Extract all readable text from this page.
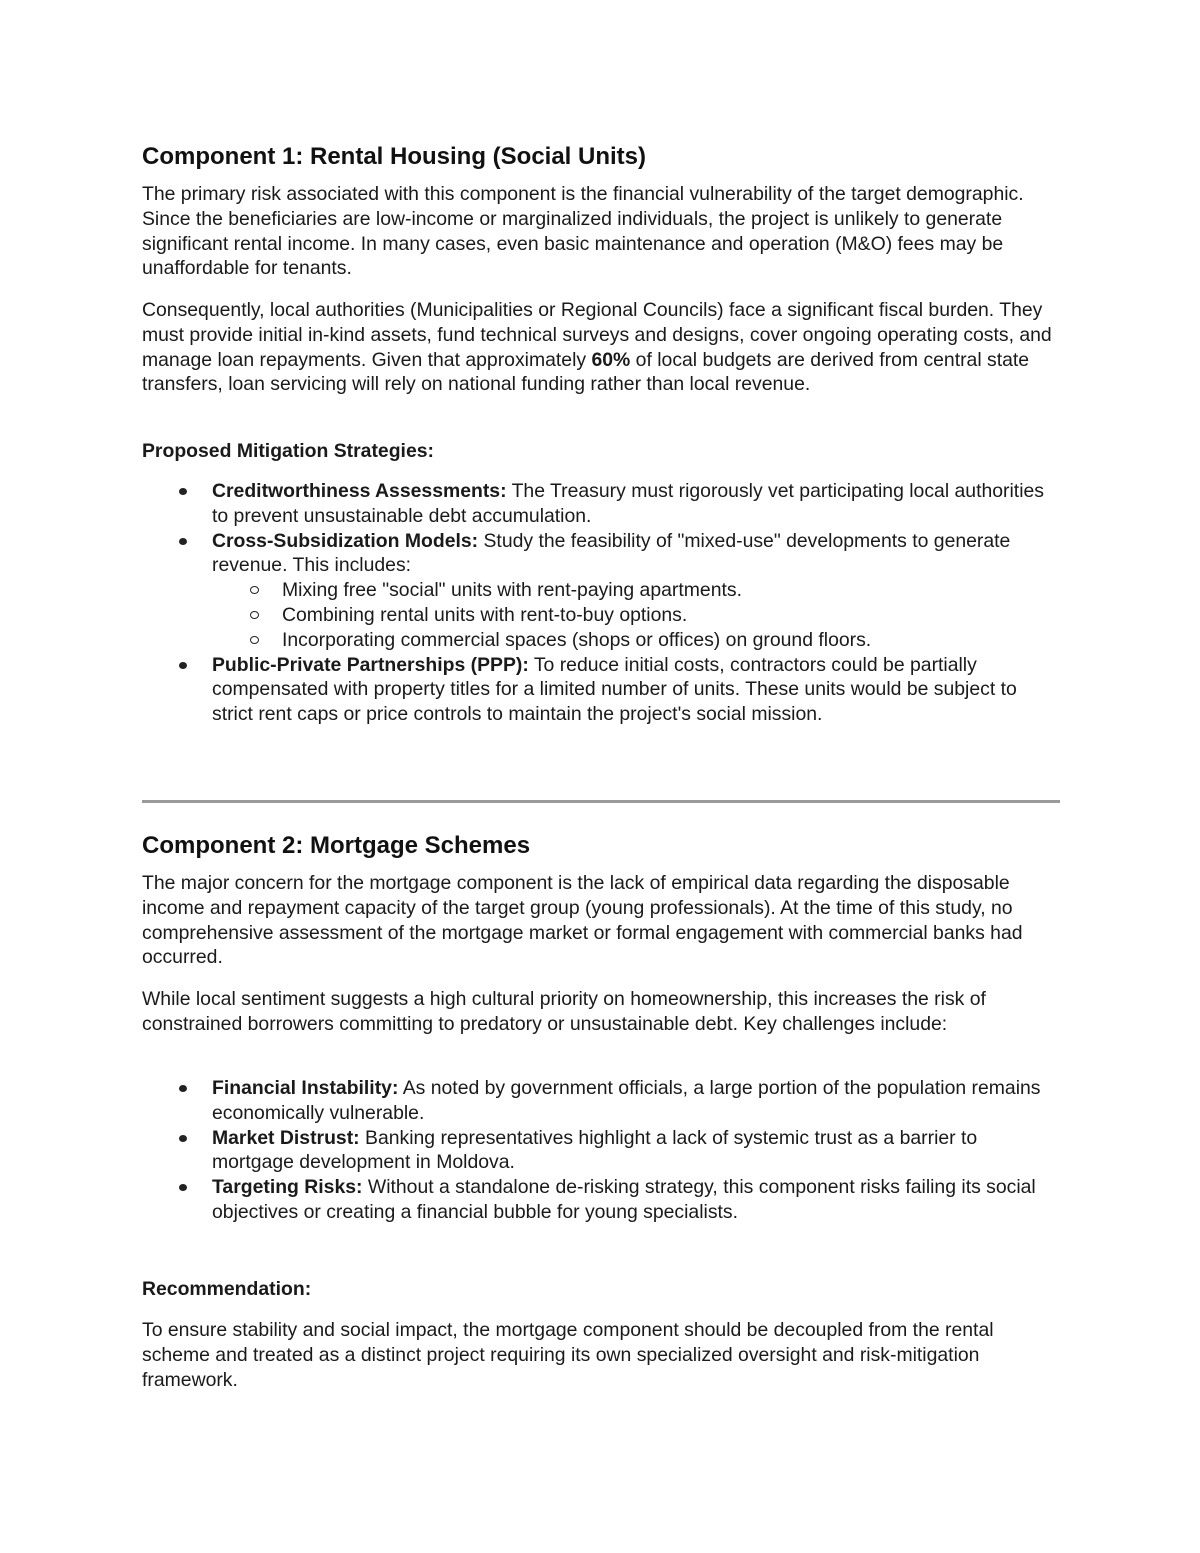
Component 1: Rental Housing (Social Units)

The primary risk associated with this component is the financial vulnerability of the target demographic. Since the beneficiaries are low-income or marginalized individuals, the project is unlikely to generate significant rental income. In many cases, even basic maintenance and operation (M&O) fees may be unaffordable for tenants.

Consequently, local authorities (Municipalities or Regional Councils) face a significant fiscal burden. They must provide initial in-kind assets, fund technical surveys and designs, cover ongoing operating costs, and manage loan repayments. Given that approximately 60% of local budgets are derived from central state transfers, loan servicing will rely on national funding rather than local revenue.

Proposed Mitigation Strategies:

Creditworthiness Assessments: The Treasury must rigorously vet participating local authorities to prevent unsustainable debt accumulation.
Cross-Subsidization Models: Study the feasibility of "mixed-use" developments to generate revenue. This includes:
Mixing free "social" units with rent-paying apartments.
Combining rental units with rent-to-buy options.
Incorporating commercial spaces (shops or offices) on ground floors.
Public-Private Partnerships (PPP): To reduce initial costs, contractors could be partially compensated with property titles for a limited number of units. These units would be subject to strict rent caps or price controls to maintain the project's social mission.
Component 2: Mortgage Schemes

The major concern for the mortgage component is the lack of empirical data regarding the disposable income and repayment capacity of the target group (young professionals). At the time of this study, no comprehensive assessment of the mortgage market or formal engagement with commercial banks had occurred.

While local sentiment suggests a high cultural priority on homeownership, this increases the risk of constrained borrowers committing to predatory or unsustainable debt. Key challenges include:

Financial Instability: As noted by government officials, a large portion of the population remains economically vulnerable.
Market Distrust: Banking representatives highlight a lack of systemic trust as a barrier to mortgage development in Moldova.
Targeting Risks: Without a standalone de-risking strategy, this component risks failing its social objectives or creating a financial bubble for young specialists.

Recommendation:

To ensure stability and social impact, the mortgage component should be decoupled from the rental scheme and treated as a distinct project requiring its own specialized oversight and risk-mitigation framework.
